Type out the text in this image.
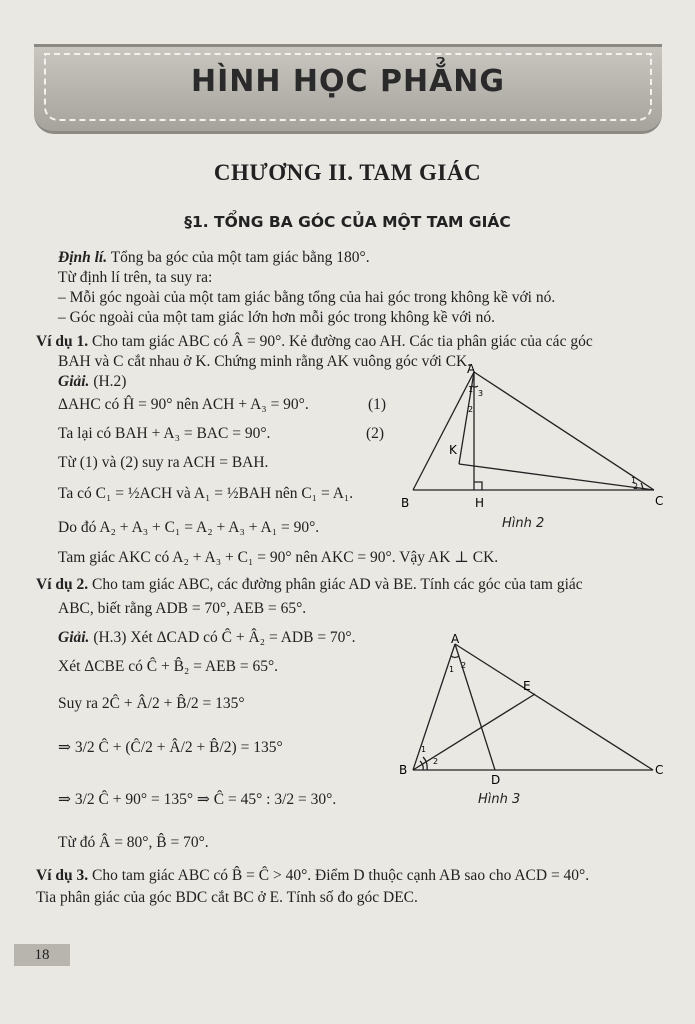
HÌNH HỌC PHẲNG
CHƯƠNG II. TAM GIÁC
§1. TỔNG BA GÓC CỦA MỘT TAM GIÁC
Định lí. Tổng ba góc của một tam giác bằng 180°.
Từ định lí trên, ta suy ra:
– Mỗi góc ngoài của một tam giác bằng tổng của hai góc trong không kề với nó.
– Góc ngoài của một tam giác lớn hơn mỗi góc trong không kề với nó.
Ví dụ 1. Cho tam giác ABC có Â = 90°. Kẻ đường cao AH. Các tia phân giác của các góc
BAH và C cắt nhau ở K. Chứng minh rằng AK vuông góc với CK.
Giải. (H.2)
ΔAHC có Ĥ = 90° nên ACH + A₃ = 90°.	(1)
Ta lại có BAH + A₃ = BAC = 90°.	(2)
Từ (1) và (2) suy ra ACH = BAH.
Ta có C₁ = ½ACH và A₁ = ½BAH nên C₁ = A₁.
Do đó A₂ + A₃ + C₁ = A₂ + A₃ + A₁ = 90°.
Tam giác AKC có A₂ + A₃ + C₁ = 90° nên AKC = 90°. Vậy AK ⊥ CK.
A
B	C
H
K
1
2
3
1
2
Hình 2
Ví dụ 2. Cho tam giác ABC, các đường phân giác AD và BE. Tính các góc của tam giác
ABC, biết rằng ADB = 70°, AEB = 65°.
Giải. (H.3) Xét ΔCAD có Ĉ + Â₂ = ADB = 70°.
Xét ΔCBE có Ĉ + B̂₂ = AEB = 65°.
Suy ra 2Ĉ + Â/2 + B̂/2 = 135°
⇒ 3/2 Ĉ + (Ĉ/2 + Â/2 + B̂/2) = 135°
⇒ 3/2 Ĉ + 90° = 135° ⇒ Ĉ = 45° : 3/2 = 30°.
Từ đó Â = 80°, B̂ = 70°.
A
B	C
D
E
1 2
1
2
Hình 3
Ví dụ 3. Cho tam giác ABC có B̂ = Ĉ > 40°. Điểm D thuộc cạnh AB sao cho ACD = 40°.
Tia phân giác của góc BDC cắt BC ở E. Tính số đo góc DEC.
18
